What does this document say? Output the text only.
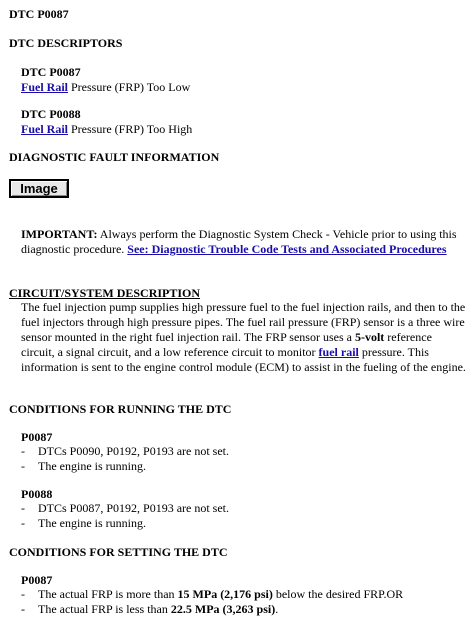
DTC P0087
DTC DESCRIPTORS
DTC P0087
Fuel Rail Pressure (FRP) Too Low
DTC P0088
Fuel Rail Pressure (FRP) Too High
DIAGNOSTIC FAULT INFORMATION
Image
IMPORTANT: Always perform the Diagnostic System Check - Vehicle prior to using this diagnostic procedure. See: Diagnostic Trouble Code Tests and Associated Procedures
CIRCUIT/SYSTEM DESCRIPTION
The fuel injection pump supplies high pressure fuel to the fuel injection rails, and then to the fuel injectors through high pressure pipes. The fuel rail pressure (FRP) sensor is a three wire sensor mounted in the right fuel injection rail. The FRP sensor uses a 5-volt reference circuit, a signal circuit, and a low reference circuit to monitor fuel rail pressure. This information is sent to the engine control module (ECM) to assist in the fueling of the engine.
CONDITIONS FOR RUNNING THE DTC
P0087
- DTCs P0090, P0192, P0193 are not set.
- The engine is running.
P0088
- DTCs P0087, P0192, P0193 are not set.
- The engine is running.
CONDITIONS FOR SETTING THE DTC
P0087
- The actual FRP is more than 15 MPa (2,176 psi) below the desired FRP.OR
- The actual FRP is less than 22.5 MPa (3,263 psi).
